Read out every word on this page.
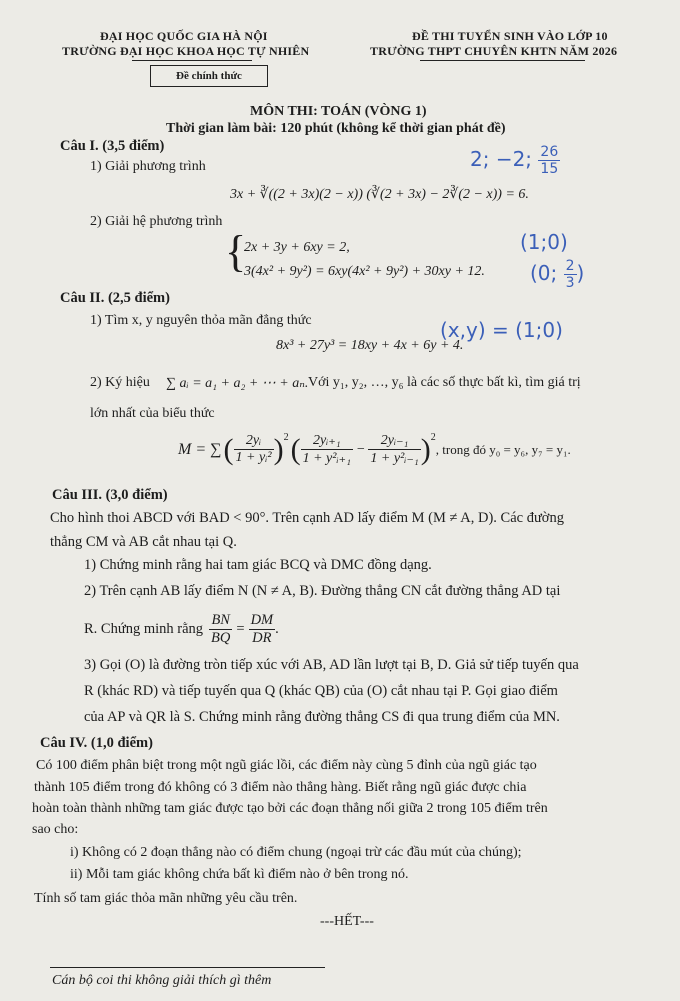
ĐẠI HỌC QUỐC GIA HÀ NỘI
TRƯỜNG ĐẠI HỌC KHOA HỌC TỰ NHIÊN
Đề chính thức
ĐỀ THI TUYỂN SINH VÀO LỚP 10
TRƯỜNG THPT CHUYÊN KHTN NĂM 2026
MÔN THI: TOÁN (VÒNG 1)
Thời gian làm bài: 120 phút (không kể thời gian phát đề)
Câu I. (3,5 điểm)
1) Giải phương trình
3x + ∛((2 + 3x)(2 − x)) (∛(2 + 3x) − 2∛(2 − x)) = 6.
2) Giải hệ phương trình
{
2x + 3y + 6xy = 2,
3(4x² + 9y²) = 6xy(4x² + 9y²) + 30xy + 12.
2; −2; $\frac{26}{15}$
(1;0)
(0; $\frac{2}{3}$ )
(x,y) = (1;0)
Câu II. (2,5 điểm)
1) Tìm x, y nguyên thỏa mãn đẳng thức
8x³ + 27y³ = 18xy + 4x + 6y + 4.
2) Ký hiệu ∑ aᵢ = a₁ + a₂ + ⋯ + aₙ. Với y₁, y₂, …, y₆ là các số thực bất kì, tìm giá trị
lớn nhất của biểu thức
M = ∑ ( $\frac{\text{2yᵢ}}{\text{1 + yᵢ²}}$ ) 2 ( $\frac{\text{2yᵢ₊₁}}{\text{1 + y²ᵢ₊₁}} - \frac{\text{2yᵢ₋₁}}{\text{1 + y²ᵢ₋₁}}$ ) 2
, trong đó y₀ = y₆, y₇ = y₁.
Câu III. (3,0 điểm)
Cho hình thoi ABCD với BAD < 90°. Trên cạnh AD lấy điểm M (M ≠ A, D). Các đường
thẳng CM và AB cắt nhau tại Q.
1) Chứng minh rằng hai tam giác BCQ và DMC đồng dạng.
2) Trên cạnh AB lấy điểm N (N ≠ A, B). Đường thẳng CN cắt đường thẳng AD tại
R. Chứng minh rằng $\frac{BN}{BQ} = \frac{DM}{DR}$ .
3) Gọi (O) là đường tròn tiếp xúc với AB, AD lần lượt tại B, D. Giả sử tiếp tuyến qua
R (khác RD) và tiếp tuyến qua Q (khác QB) của (O) cắt nhau tại P. Gọi giao điểm
của AP và QR là S. Chứng minh rằng đường thẳng CS đi qua trung điểm của MN.
Câu IV. (1,0 điểm)
Có 100 điểm phân biệt trong một ngũ giác lồi, các điểm này cùng 5 đỉnh của ngũ giác tạo
thành 105 điểm trong đó không có 3 điểm nào thẳng hàng. Biết rằng ngũ giác được chia
hoàn toàn thành những tam giác được tạo bởi các đoạn thẳng nối giữa 2 trong 105 điểm trên
sao cho:
i) Không có 2 đoạn thẳng nào có điểm chung (ngoại trừ các đầu mút của chúng);
ii) Mỗi tam giác không chứa bất kì điểm nào ở bên trong nó.
Tính số tam giác thỏa mãn những yêu cầu trên.
---HẾT---
Cán bộ coi thi không giải thích gì thêm
